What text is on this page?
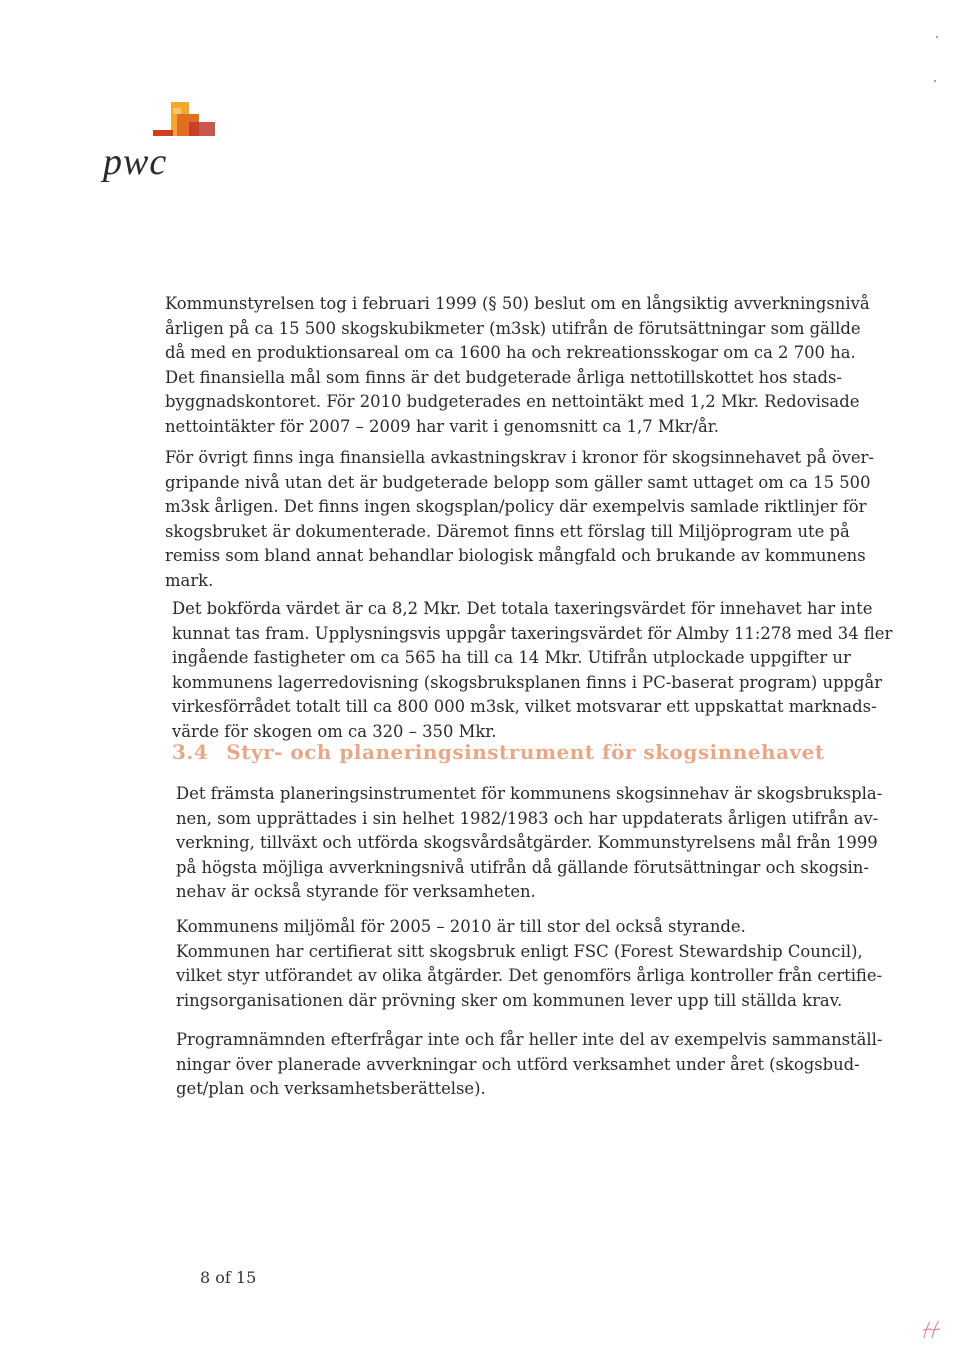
pwc
Kommunstyrelsen tog i februari 1999 (§ 50) beslut om en långsiktig avverkningsnivå
årligen på ca 15 500 skogskubikmeter (m3sk) utifrån de förutsättningar som gällde
då med en produktionsareal om ca 1600 ha och rekreationsskogar om ca 2 700 ha.
Det finansiella mål som finns är det budgeterade årliga nettotillskottet hos stads-
byggnadskontoret. För 2010 budgeterades en nettointäkt med 1,2 Mkr. Redovisade
nettointäkter för 2007 – 2009 har varit i genomsnitt ca 1,7 Mkr/år.
För övrigt finns inga finansiella avkastningskrav i kronor för skogsinnehavet på över-
gripande nivå utan det är budgeterade belopp som gäller samt uttaget om ca 15 500
m3sk årligen. Det finns ingen skogsplan/policy där exempelvis samlade riktlinjer för
skogsbruket är dokumenterade. Däremot finns ett förslag till Miljöprogram ute på
remiss som bland annat behandlar biologisk mångfald och brukande av kommunens
mark.
Det bokförda värdet är ca 8,2 Mkr. Det totala taxeringsvärdet för innehavet har inte
kunnat tas fram. Upplysningsvis uppgår taxeringsvärdet för Almby 11:278 med 34 fler
ingående fastigheter om ca 565 ha till ca 14 Mkr. Utifrån utplockade uppgifter ur
kommunens lagerredovisning (skogsbruksplanen finns i PC-baserat program) uppgår
virkesförrådet totalt till ca 800 000 m3sk, vilket motsvarar ett uppskattat marknads-
värde för skogen om ca 320 – 350 Mkr.
3.4 Styr- och planeringsinstrument för skogsinnehavet
Det främsta planeringsinstrumentet för kommunens skogsinnehav är skogsbruksplа-
nen, som upprättades i sin helhet 1982/1983 och har uppdaterats årligen utifrån av-
verkning, tillväxt och utförda skogsvårdsåtgärder. Kommunstyrelsens mål från 1999
på högsta möjliga avverkningsnivå utifrån då gällande förutsättningar och skogsin-
nehav är också styrande för verksamheten.
Kommunens miljömål för 2005 – 2010 är till stor del också styrande.
Kommunen har certifierat sitt skogsbruk enligt FSC (Forest Stewardship Council),
vilket styr utförandet av olika åtgärder. Det genomförs årliga kontroller från certifie-
ringsorganisationen där prövning sker om kommunen lever upp till ställda krav.
Programnämnden efterfrågar inte och får heller inte del av exempelvis sammanställ-
ningar över planerade avverkningar och utförd verksamhet under året (skogsbud-
get/plan och verksamhetsberättelse).
8 of 15
